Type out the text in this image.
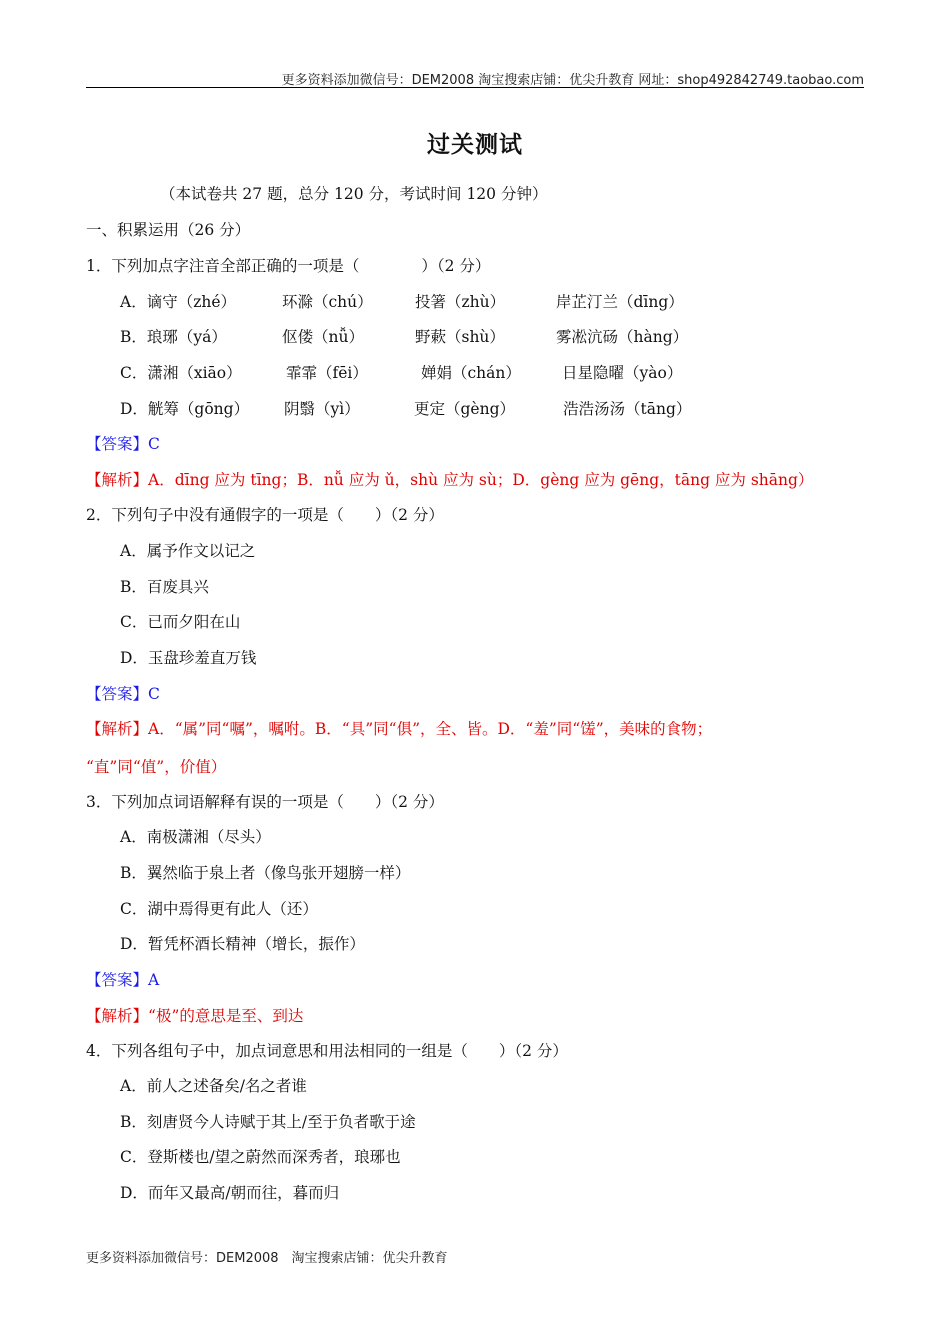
更多资料添加微信号：DEM2008 淘宝搜索店铺：优尖升教育 网址：shop492842749.taobao.com
过关测试
（本试卷共 27 题，总分 120 分，考试时间 120 分钟）
一、积累运用（26 分）
1．下列加点字注音全部正确的一项是（　　　　）（2 分）
A．谪守（zhé）	环滁（chú）	投箸（zhù）	岸芷汀兰（dīng）
B．琅琊（yá）	伛偻（nǚ）	野蔌（shù）	雾凇沆砀（hàng）
C．潇湘（xiāo）	霏霏（fēi）	婵娟（chán）	日星隐曜（yào）
D．觥筹（gōng） 阴翳（yì）	更定（gèng）	浩浩汤汤（tāng）
【答案】C
【解析】A．dīng 应为 tīng；B．nǚ 应为 ǔ，shù 应为 sù；D．gèng 应为 gēng，tāng 应为 shāng）
2．下列句子中没有通假字的一项是（　　）（2 分）
A．属予作文以记之
B．百废具兴
C．已而夕阳在山
D．玉盘珍羞直万钱
【答案】C
【解析】A．“属”同“嘱”，嘱咐。B．“具”同“俱”，全、皆。D．“羞”同“馐”，美味的食物；
“直”同“值”，价值）
3．下列加点词语解释有误的一项是（　　）（2 分）
A．南极潇湘（尽头）
B．翼然临于泉上者（像鸟张开翅膀一样）
C．湖中焉得更有此人（还）
D．暂凭杯酒长精神（增长，振作）
【答案】A
【解析】“极”的意思是至、到达
4．下列各组句子中，加点词意思和用法相同的一组是（　　）（2 分）
A．前人之述备矣/名之者谁
B．刻唐贤今人诗赋于其上/至于负者歌于途
C．登斯楼也/望之蔚然而深秀者，琅琊也
D．而年又最高/朝而往，暮而归
更多资料添加微信号：DEM2008　淘宝搜索店铺：优尖升教育
